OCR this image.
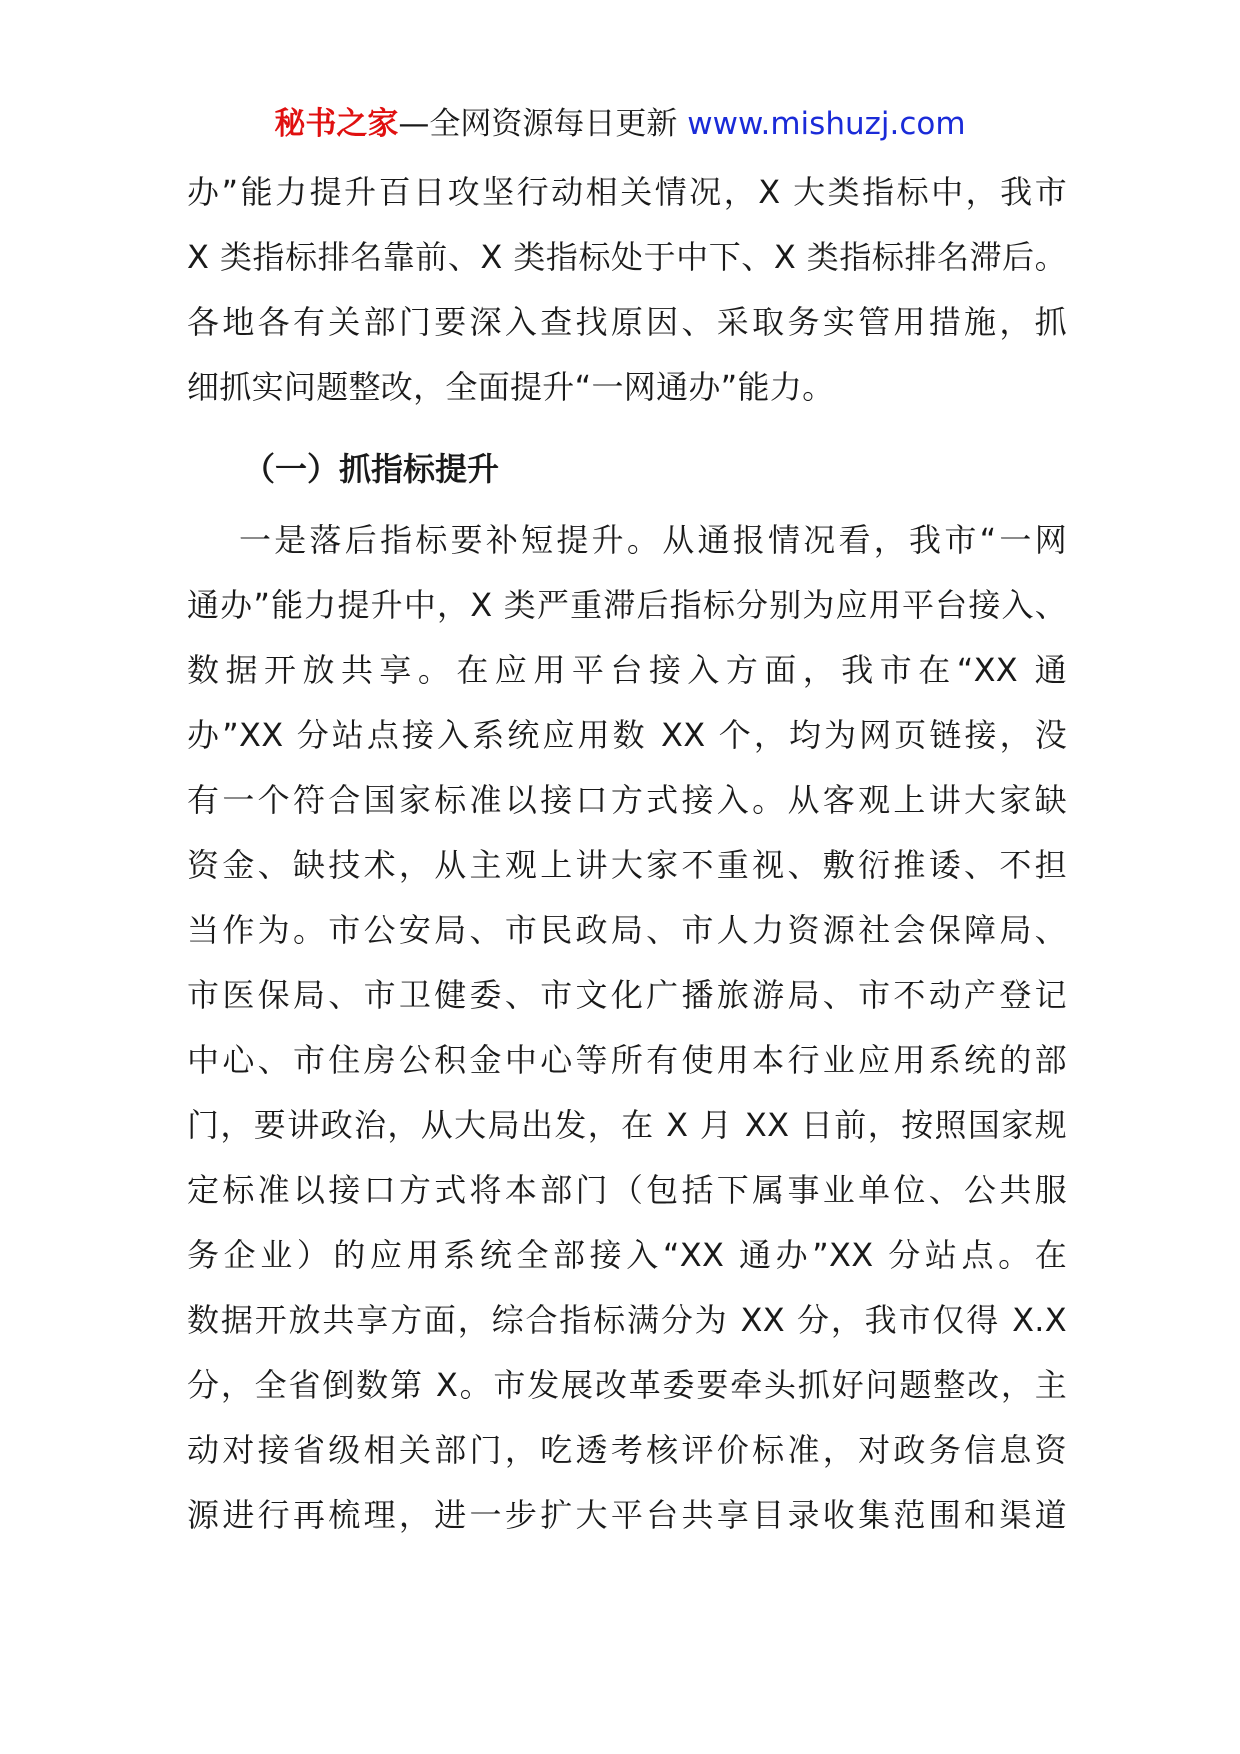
秘书之家—全网资源每日更新 www.mishuzj.com
办”能力提升百日攻坚行动相关情况，X 大类指标中，我市
X 类指标排名靠前、X 类指标处于中下、X 类指标排名滞后。
各地各有关部门要深入查找原因、采取务实管用措施，抓
细抓实问题整改，全面提升“一网通办”能力。
（一）抓指标提升
一是落后指标要补短提升。从通报情况看，我市“一网
通办”能力提升中，X 类严重滞后指标分别为应用平台接入、
数据开放共享。在应用平台接入方面，我市在“XX 通
办”XX 分站点接入系统应用数 XX 个，均为网页链接，没
有一个符合国家标准以接口方式接入。从客观上讲大家缺
资金、缺技术，从主观上讲大家不重视、敷衍推诿、不担
当作为。市公安局、市民政局、市人力资源社会保障局、
市医保局、市卫健委、市文化广播旅游局、市不动产登记
中心、市住房公积金中心等所有使用本行业应用系统的部
门，要讲政治，从大局出发，在 X 月 XX 日前，按照国家规
定标准以接口方式将本部门（包括下属事业单位、公共服
务企业）的应用系统全部接入“XX 通办”XX 分站点。在
数据开放共享方面，综合指标满分为 XX 分，我市仅得 X.X
分，全省倒数第 X。市发展改革委要牵头抓好问题整改，主
动对接省级相关部门，吃透考核评价标准，对政务信息资
源进行再梳理，进一步扩大平台共享目录收集范围和渠道
